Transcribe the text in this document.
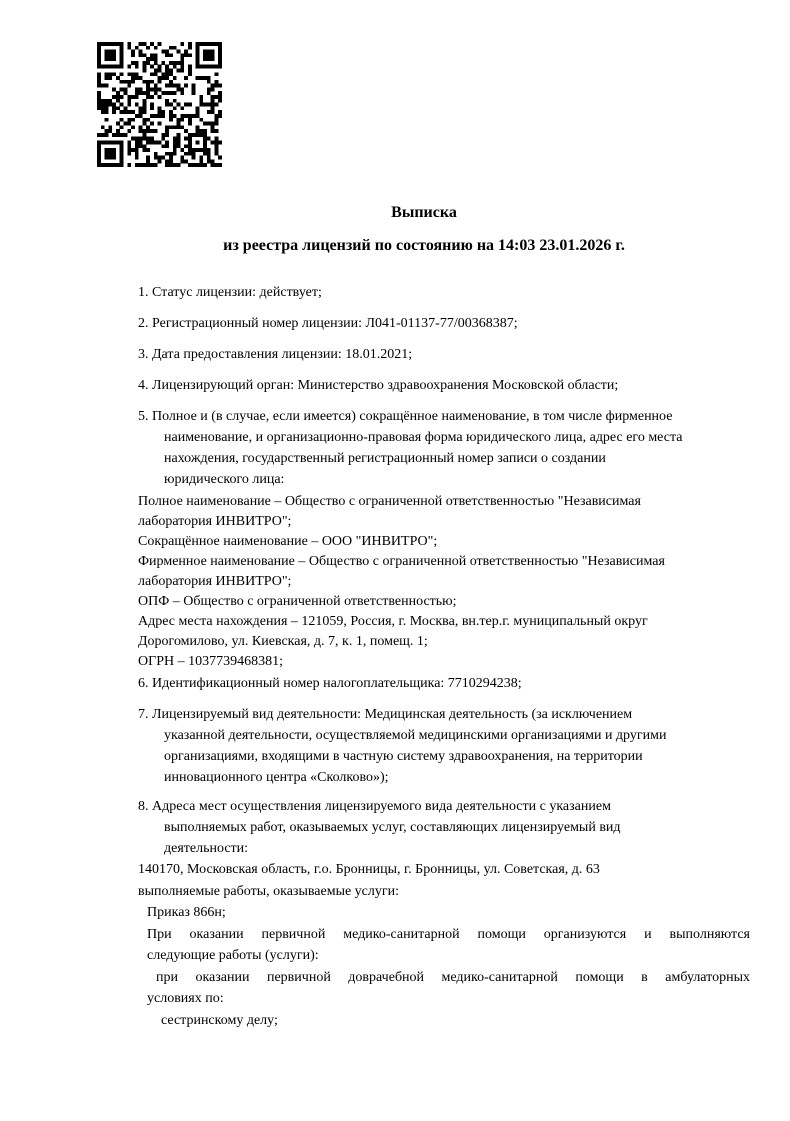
Выписка
из реестра лицензий по состоянию на 14:03 23.01.2026 г.
1. Статус лицензии: действует;
2. Регистрационный номер лицензии: Л041-01137-77/00368387;
3. Дата предоставления лицензии: 18.01.2021;
4. Лицензирующий орган: Министерство здравоохранения Московской области;
5. Полное и (в случае, если имеется) сокращённое наименование, в том числе фирменное
наименование, и организационно-правовая форма юридического лица, адрес его места
нахождения, государственный регистрационный номер записи о создании
юридического лица:
Полное наименование – Общество с ограниченной ответственностью "Независимая
лаборатория ИНВИТРО";
Сокращённое наименование – ООО "ИНВИТРО";
Фирменное наименование – Общество с ограниченной ответственностью "Независимая
лаборатория ИНВИТРО";
ОПФ – Общество с ограниченной ответственностью;
Адрес места нахождения – 121059, Россия, г. Москва, вн.тер.г. муниципальный округ
Дорогомилово, ул. Киевская, д. 7, к. 1, помещ. 1;
ОГРН – 1037739468381;
6. Идентификационный номер налогоплательщика: 7710294238;
7. Лицензируемый вид деятельности: Медицинская деятельность (за исключением
указанной деятельности, осуществляемой медицинскими организациями и другими
организациями, входящими в частную систему здравоохранения, на территории
инновационного центра «Сколково»);
8. Адреса мест осуществления лицензируемого вида деятельности с указанием
выполняемых работ, оказываемых услуг, составляющих лицензируемый вид
деятельности:
140170, Московская область, г.о. Бронницы, г. Бронницы, ул. Советская, д. 63
выполняемые работы, оказываемые услуги:
Приказ 866н;
При оказании первичной медико-санитарной помощи организуются и выполняются
следующие работы (услуги):
при оказании первичной доврачебной медико-санитарной помощи в амбулаторных
условиях по:
сестринскому делу;
